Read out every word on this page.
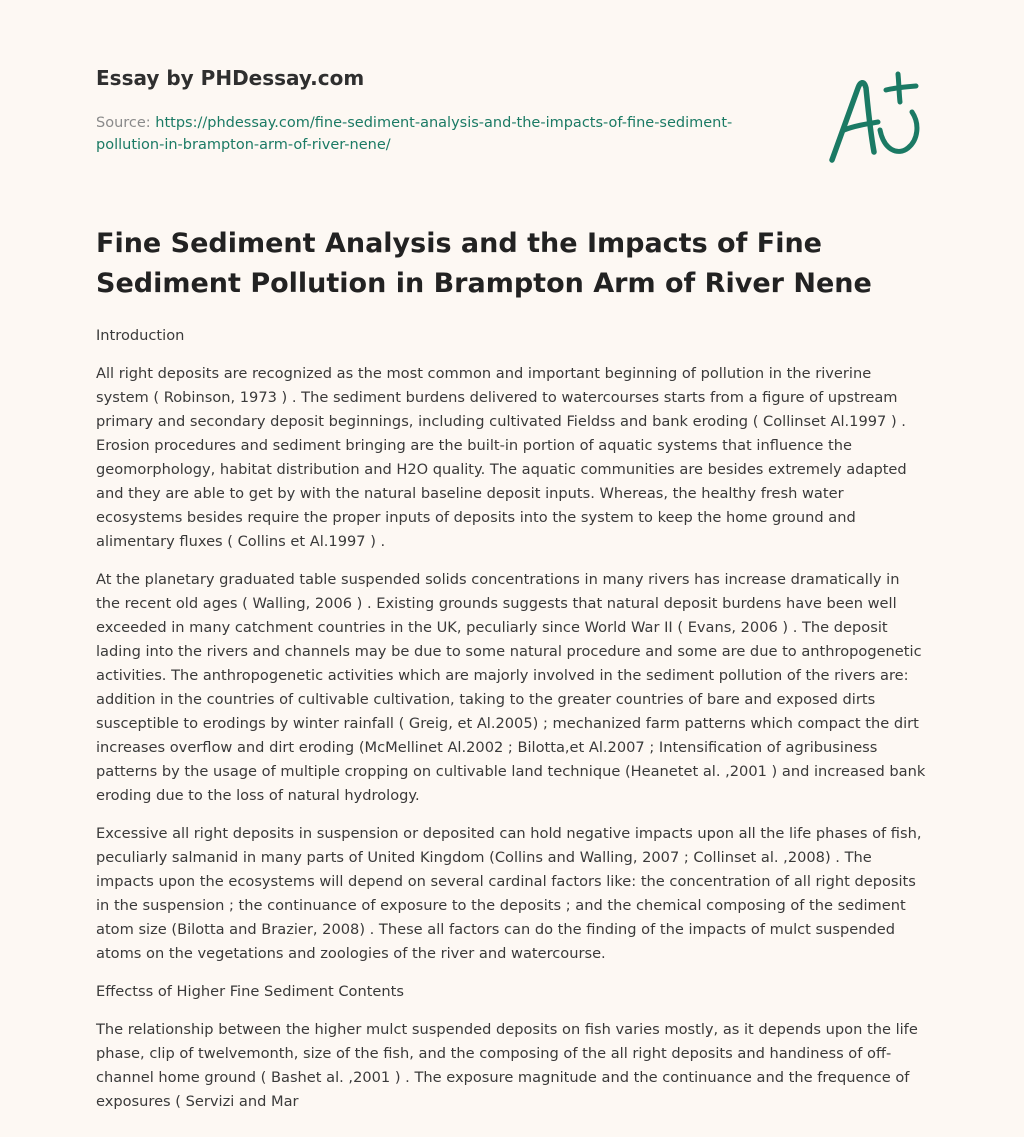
Essay by PHDessay.com
Source: https://phdessay.com/fine-sediment-analysis-and-the-impacts-of-fine-sediment-pollution-in-brampton-arm-of-river-nene/
Fine Sediment Analysis and the Impacts of Fine Sediment Pollution in Brampton Arm of River Nene

Introduction

All right deposits are recognized as the most common and important beginning of pollution in the riverine system ( Robinson, 1973 ) . The sediment burdens delivered to watercourses starts from a figure of upstream primary and secondary deposit beginnings, including cultivated Fieldss and bank eroding ( Collinset Al.1997 ) . Erosion procedures and sediment bringing are the built-in portion of aquatic systems that influence the geomorphology, habitat distribution and H2O quality. The aquatic communities are besides extremely adapted and they are able to get by with the natural baseline deposit inputs. Whereas, the healthy fresh water ecosystems besides require the proper inputs of deposits into the system to keep the home ground and alimentary fluxes ( Collins et Al.1997 ) .

At the planetary graduated table suspended solids concentrations in many rivers has increase dramatically in the recent old ages ( Walling, 2006 ) . Existing grounds suggests that natural deposit burdens have been well exceeded in many catchment countries in the UK, peculiarly since World War II ( Evans, 2006 ) . The deposit lading into the rivers and channels may be due to some natural procedure and some are due to anthropogenetic activities. The anthropogenetic activities which are majorly involved in the sediment pollution of the rivers are: addition in the countries of cultivable cultivation, taking to the greater countries of bare and exposed dirts susceptible to erodings by winter rainfall ( Greig, et Al.2005) ; mechanized farm patterns which compact the dirt increases overflow and dirt eroding (McMellinet Al.2002 ; Bilotta,et Al.2007 ; Intensification of agribusiness patterns by the usage of multiple cropping on cultivable land technique (Heanetet al. ,2001 ) and increased bank eroding due to the loss of natural hydrology.

Excessive all right deposits in suspension or deposited can hold negative impacts upon all the life phases of fish, peculiarly salmanid in many parts of United Kingdom (Collins and Walling, 2007 ; Collinset al. ,2008) . The impacts upon the ecosystems will depend on several cardinal factors like: the concentration of all right deposits in the suspension ; the continuance of exposure to the deposits ; and the chemical composing of the sediment atom size (Bilotta and Brazier, 2008) . These all factors can do the finding of the impacts of mulct suspended atoms on the vegetations and zoologies of the river and watercourse.

Effectss of Higher Fine Sediment Contents

The relationship between the higher mulct suspended deposits on fish varies mostly, as it depends upon the life phase, clip of twelvemonth, size of the fish, and the composing of the all right deposits and handiness of off-channel home ground ( Bashet al. ,2001 ) . The exposure magnitude and the continuance and the frequence of exposures ( Servizi and Mar
